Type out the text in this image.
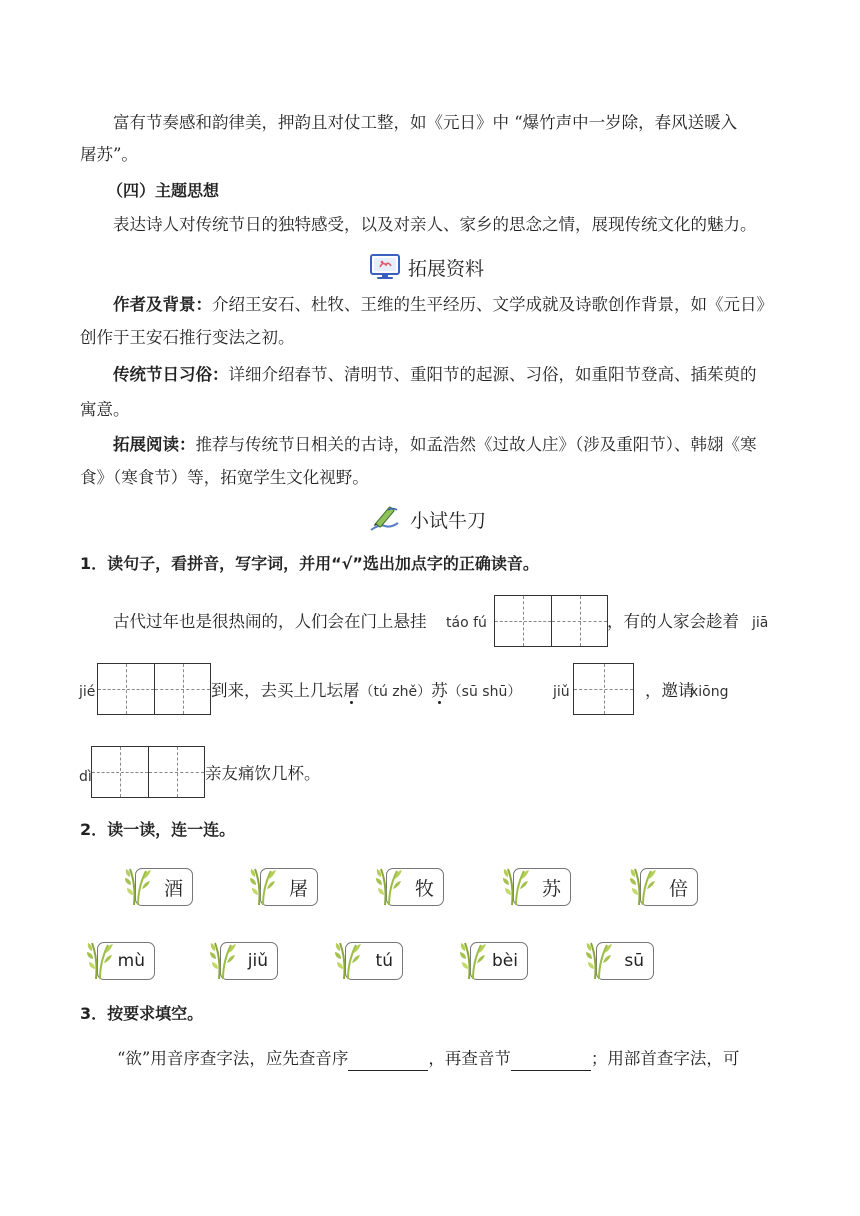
富有节奏感和韵律美，押韵且对仗工整，如《元日》中 “爆竹声中一岁除，春风送暖入
屠苏”。
（四）主题思想
表达诗人对传统节日的独特感受，以及对亲人、家乡的思念之情，展现传统文化的魅力。
拓展资料
作者及背景：介绍王安石、杜牧、王维的生平经历、文学成就及诗歌创作背景，如《元日》
创作于王安石推行变法之初。
传统节日习俗：详细介绍春节、清明节、重阳节的起源、习俗，如重阳节登高、插茱萸的
寓意。
拓展阅读：推荐与传统节日相关的古诗，如孟浩然《过故人庄》（涉及重阳节）、韩翃《寒
食》（寒食节）等，拓宽学生文化视野。
小试牛刀
1．读句子，看拼音，写字词，并用“√”选出加点字的正确读音。
古代过年也是很热闹的，人们会在门上悬挂 táo fú	，有的人家会趁着 jiā
jié	到来，去买上几坛屠（tú zhě）苏（sū shū） jiǔ	，邀请
xiōng
dì	亲友痛饮几杯。
2．读一读，连一连。
酒	屠	牧	苏	倍
mù	jiǔ	tú	bèi	sū
3．按要求填空。
“欲”用音序查字法，应先查音序	，再查音节	；用部首查字法，可
